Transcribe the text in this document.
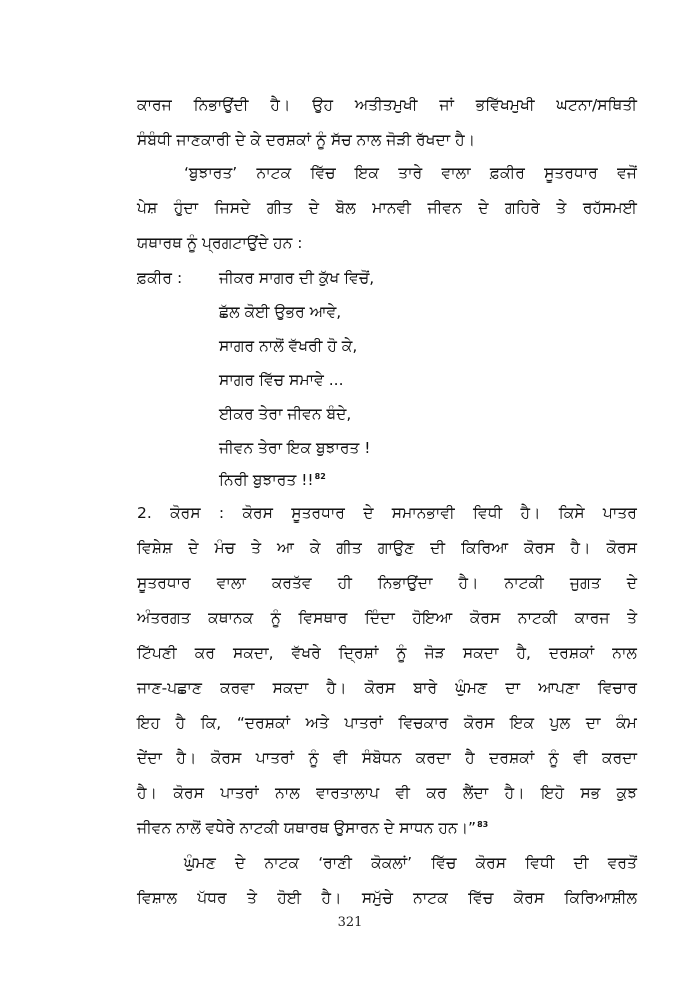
ਕਾਰਜ ਨਿਭਾਉਂਦੀ ਹੈ। ਉਹ ਅਤੀਤਮੁਖੀ ਜਾਂ ਭਵਿੱਖਮੁਖੀ ਘਟਨਾ/ਸਥਿਤੀ
ਸੰਬੰਧੀ ਜਾਣਕਾਰੀ ਦੇ ਕੇ ਦਰਸ਼ਕਾਂ ਨੂੰ ਸੱਚ ਨਾਲ ਜੋੜੀ ਰੱਖਦਾ ਹੈ।
‘ਬੁਝਾਰਤ’ ਨਾਟਕ ਵਿੱਚ ਇਕ ਤਾਰੇ ਵਾਲਾ ਫ਼ਕੀਰ ਸੂਤਰਧਾਰ ਵਜੋਂ
ਪੇਸ਼ ਹੁੰਦਾ ਜਿਸਦੇ ਗੀਤ ਦੇ ਬੋਲ ਮਾਨਵੀ ਜੀਵਨ ਦੇ ਗਹਿਰੇ ਤੇ ਰਹੱਸਮਈ
ਯਥਾਰਥ ਨੂੰ ਪ੍ਰਗਟਾਉਂਦੇ ਹਨ :
ਫ਼ਕੀਰ : ਜੀਕਰ ਸਾਗਰ ਦੀ ਕੁੱਖ ਵਿਚੋਂ,
ਛੱਲ ਕੋਈ ਉਭਰ ਆਵੇ,
ਸਾਗਰ ਨਾਲੋਂ ਵੱਖਰੀ ਹੋ ਕੇ,
ਸਾਗਰ ਵਿੱਚ ਸਮਾਵੇ ...
ਈਕਰ ਤੇਰਾ ਜੀਵਨ ਬੰਦੇ,
ਜੀਵਨ ਤੇਰਾ ਇਕ ਬੁਝਾਰਤ !
ਨਿਰੀ ਬੁਝਾਰਤ !!$^{82}$
2. ਕੋਰਸ : ਕੋਰਸ ਸੂਤਰਧਾਰ ਦੇ ਸਮਾਨਭਾਵੀ ਵਿਧੀ ਹੈ। ਕਿਸੇ ਪਾਤਰ
ਵਿਸ਼ੇਸ਼ ਦੇ ਮੰਚ ਤੇ ਆ ਕੇ ਗੀਤ ਗਾਉਣ ਦੀ ਕਿਰਿਆ ਕੋਰਸ ਹੈ। ਕੋਰਸ
ਸੂਤਰਧਾਰ ਵਾਲਾ ਕਰਤੱਵ ਹੀ ਨਿਭਾਉਂਦਾ ਹੈ। ਨਾਟਕੀ ਜੁਗਤ ਦੇ
ਅੰਤਰਗਤ ਕਥਾਨਕ ਨੂੰ ਵਿਸਥਾਰ ਦਿੰਦਾ ਹੋਇਆ ਕੋਰਸ ਨਾਟਕੀ ਕਾਰਜ ਤੇ
ਟਿੱਪਣੀ ਕਰ ਸਕਦਾ, ਵੱਖਰੇ ਦ੍ਰਿਸ਼ਾਂ ਨੂੰ ਜੋੜ ਸਕਦਾ ਹੈ, ਦਰਸ਼ਕਾਂ ਨਾਲ
ਜਾਣ-ਪਛਾਣ ਕਰਵਾ ਸਕਦਾ ਹੈ। ਕੋਰਸ ਬਾਰੇ ਘੁੰਮਣ ਦਾ ਆਪਣਾ ਵਿਚਾਰ
ਇਹ ਹੈ ਕਿ, “ਦਰਸ਼ਕਾਂ ਅਤੇ ਪਾਤਰਾਂ ਵਿਚਕਾਰ ਕੋਰਸ ਇਕ ਪੁਲ ਦਾ ਕੰਮ
ਦੇਂਦਾ ਹੈ। ਕੋਰਸ ਪਾਤਰਾਂ ਨੂੰ ਵੀ ਸੰਬੋਧਨ ਕਰਦਾ ਹੈ ਦਰਸ਼ਕਾਂ ਨੂੰ ਵੀ ਕਰਦਾ
ਹੈ। ਕੋਰਸ ਪਾਤਰਾਂ ਨਾਲ ਵਾਰਤਾਲਾਪ ਵੀ ਕਰ ਲੈਂਦਾ ਹੈ। ਇਹੋ ਸਭ ਕੁਝ
ਜੀਵਨ ਨਾਲੋਂ ਵਧੇਰੇ ਨਾਟਕੀ ਯਥਾਰਥ ਉਸਾਰਨ ਦੇ ਸਾਧਨ ਹਨ।”$^{83}$
ਘੁੰਮਣ ਦੇ ਨਾਟਕ ‘ਰਾਣੀ ਕੋਕਲਾਂ’ ਵਿੱਚ ਕੋਰਸ ਵਿਧੀ ਦੀ ਵਰਤੋਂ
ਵਿਸ਼ਾਲ ਪੱਧਰ ਤੇ ਹੋਈ ਹੈ। ਸਮੁੱਚੇ ਨਾਟਕ ਵਿੱਚ ਕੋਰਸ ਕਿਰਿਆਸ਼ੀਲ
321
